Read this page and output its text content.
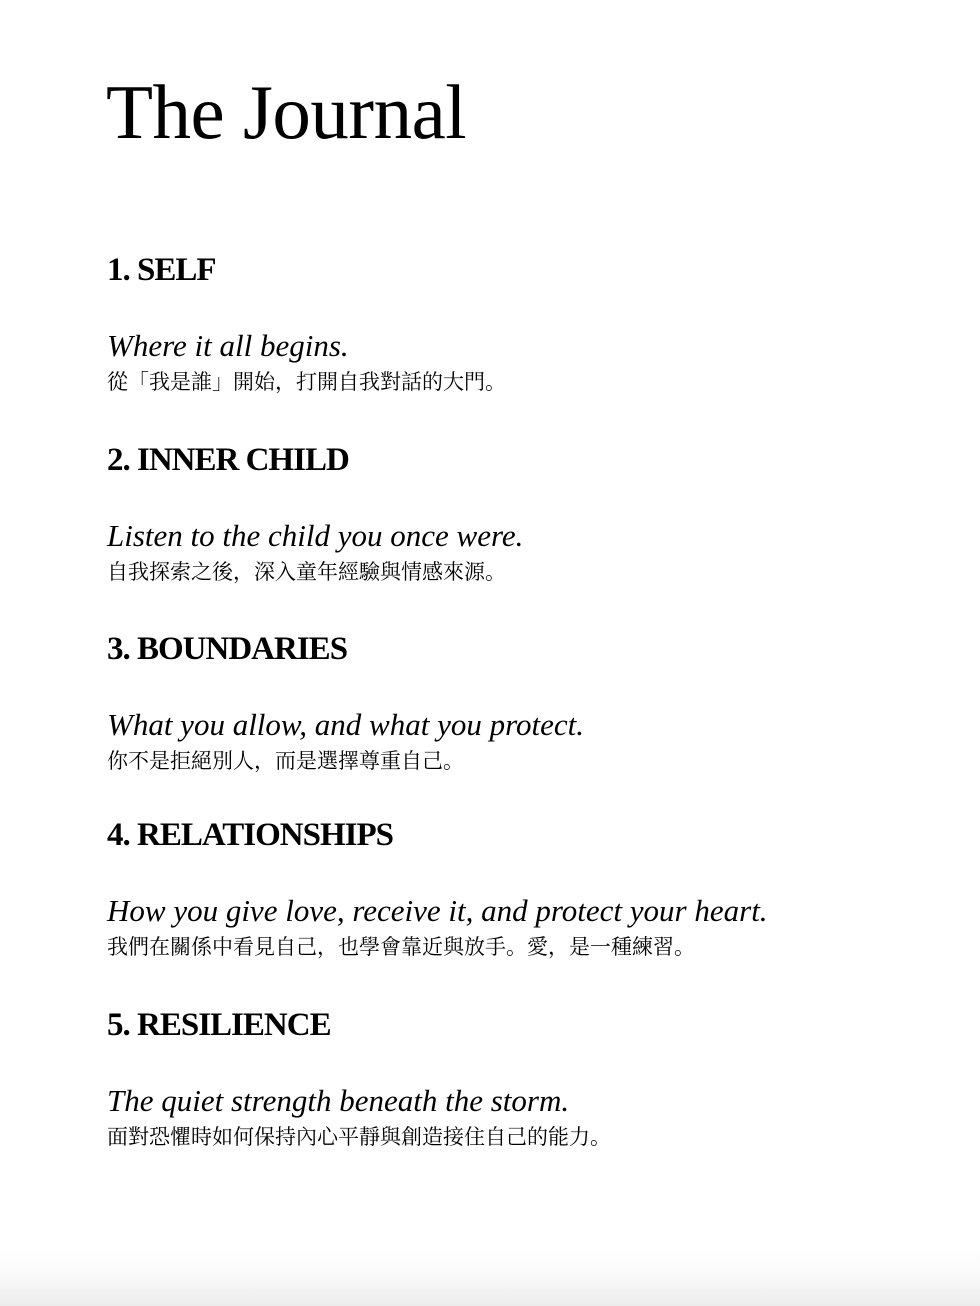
The Journal
1. SELF

Where it all begins.

從「我是誰」開始，打開自我對話的大門。

2. INNER CHILD

Listen to the child you once were.

自我探索之後，深入童年經驗與情感來源。

3. BOUNDARIES

What you allow, and what you protect.

你不是拒絕別人，而是選擇尊重自己。

4. RELATIONSHIPS

How you give love, receive it, and protect your heart.

我們在關係中看見自己，也學會靠近與放手。愛，是一種練習。

5. RESILIENCE

The quiet strength beneath the storm.

面對恐懼時如何保持內心平靜與創造接住自己的能力。
